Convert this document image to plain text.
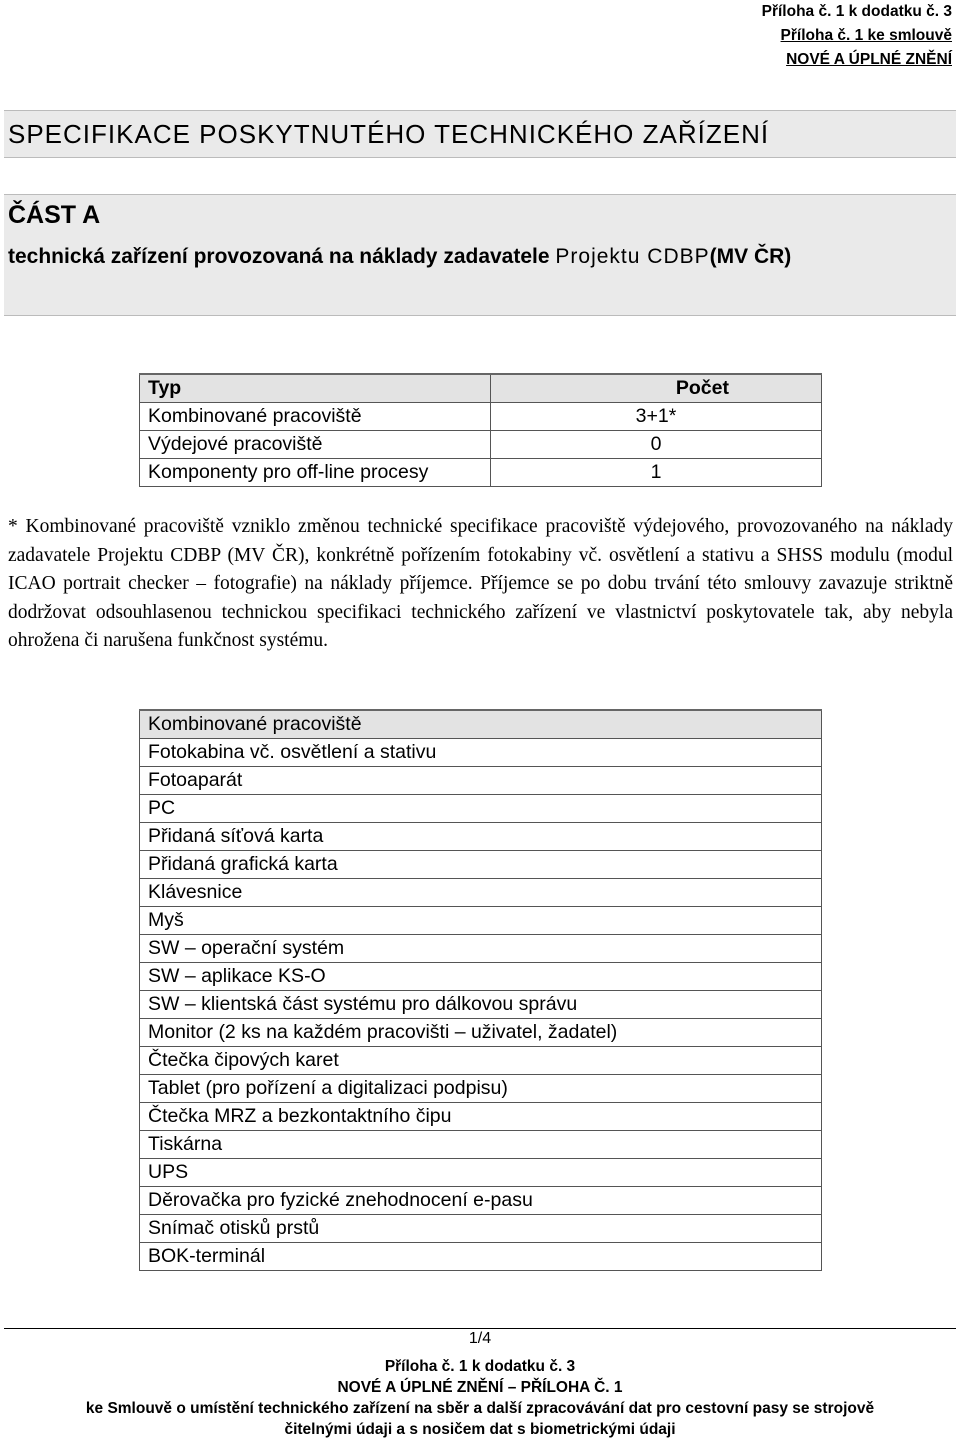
Příloha č. 1 k dodatku č. 3
Příloha č. 1 ke smlouvě
NOVÉ A ÚPLNÉ ZNĚNÍ
SPECIFIKACE POSKYTNUTÉHO TECHNICKÉHO ZAŘÍZENÍ
ČÁST A
technická zařízení provozovaná na náklady zadavatele Projektu CDBP(MV ČR)
Typ	Počet
Kombinované pracoviště	3+1*
Výdejové pracoviště	0
Komponenty pro off-line procesy	1
* Kombinované pracoviště vzniklo změnou technické specifikace pracoviště výdejového, provozovaného na náklady zadavatele Projektu CDBP (MV ČR), konkrétně pořízením fotokabiny vč. osvětlení a stativu a SHSS modulu (modul ICAO portrait checker – fotografie) na náklady příjemce. Příjemce se po dobu trvání této smlouvy zavazuje striktně dodržovat odsouhlasenou technickou specifikaci technického zařízení ve vlastnictví poskytovatele tak, aby nebyla ohrožena či narušena funkčnost systému.
Kombinované pracoviště
Fotokabina vč. osvětlení a stativu
Fotoaparát
PC
Přidaná síťová karta
Přidaná grafická karta
Klávesnice
Myš
SW – operační systém
SW – aplikace KS-O
SW – klientská část systému pro dálkovou správu
Monitor (2 ks na každém pracovišti – uživatel, žadatel)
Čtečka čipových karet
Tablet (pro pořízení a digitalizaci podpisu)
Čtečka MRZ a bezkontaktního čipu
Tiskárna
UPS
Děrovačka pro fyzické znehodnocení e-pasu
Snímač otisků prstů
BOK-terminál
1/4
Příloha č. 1 k dodatku č. 3
NOVÉ A ÚPLNÉ ZNĚNÍ – PŘÍLOHA Č. 1
ke Smlouvě o umístění technického zařízení na sběr a další zpracovávání dat pro cestovní pasy se strojově
čitelnými údaji a s nosičem dat s biometrickými údaji
